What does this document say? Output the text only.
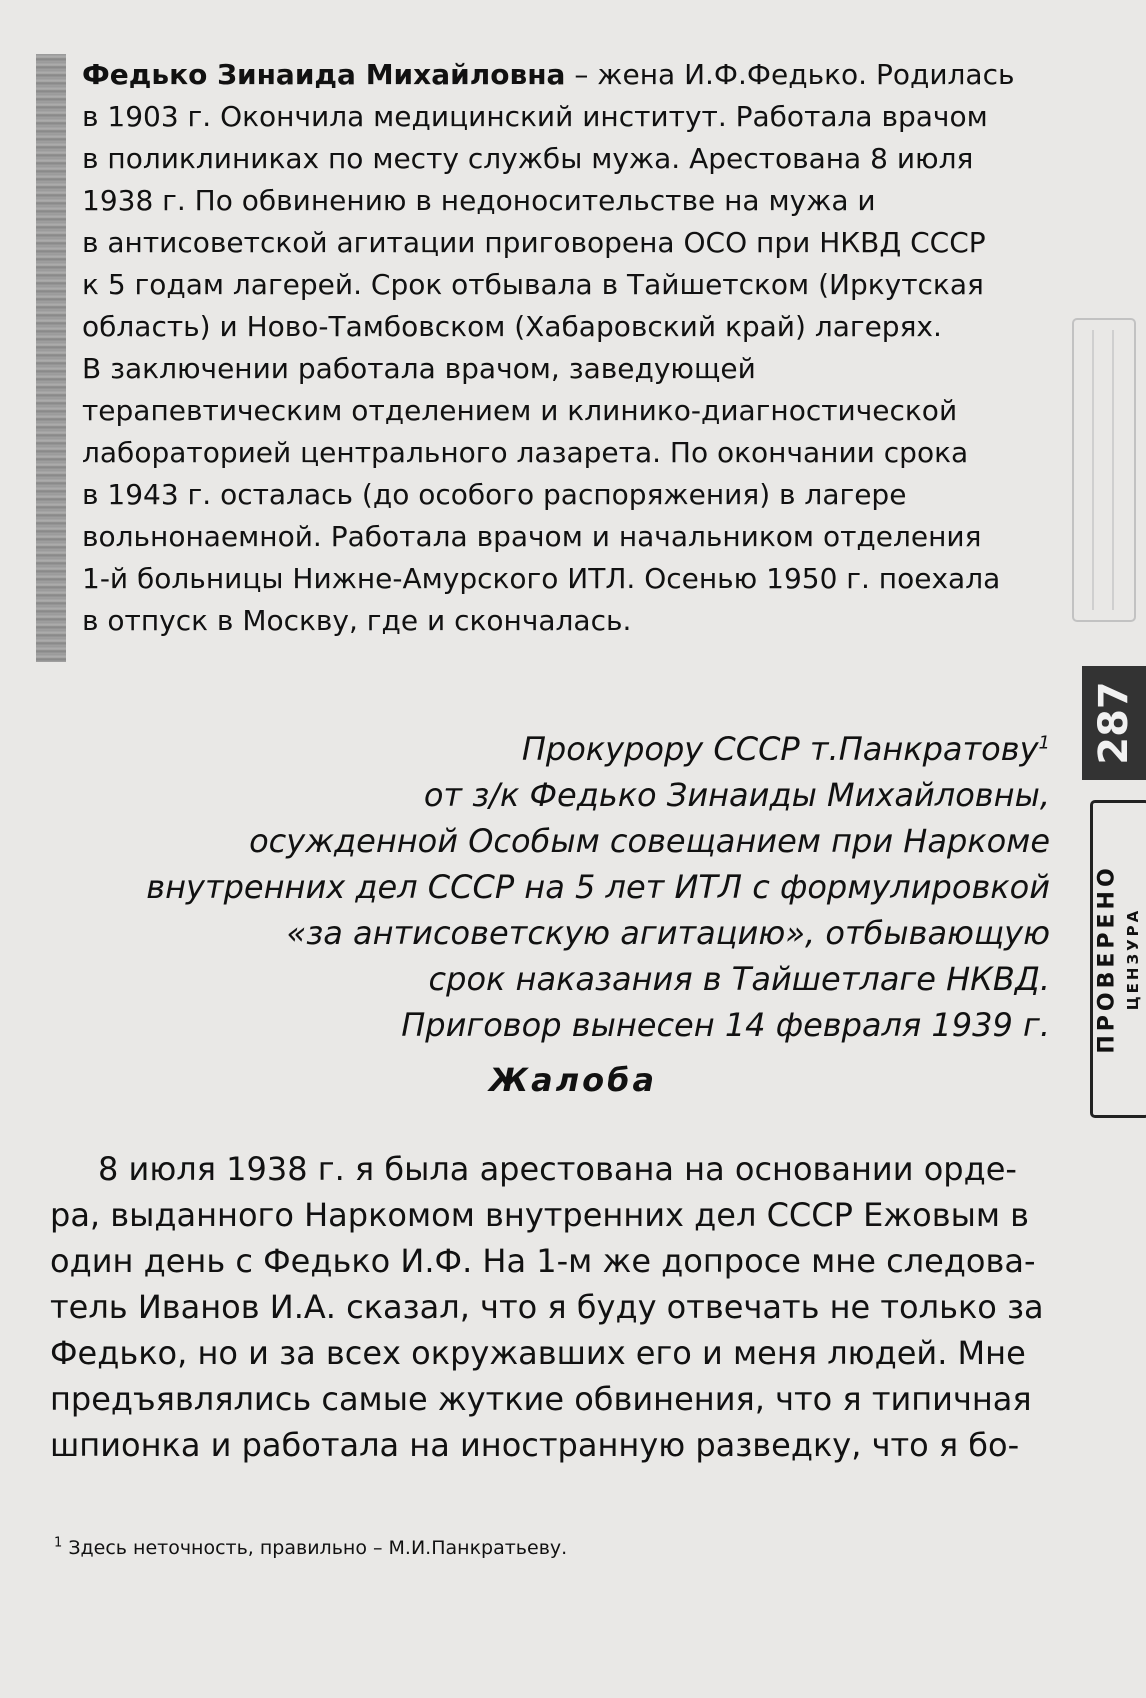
Федько Зинаида Михайловна – жена И.Ф.Федько. Родилась
в 1903 г. Окончила медицинский институт. Работала врачом
в поликлиниках по месту службы мужа. Арестована 8 июля
1938 г. По обвинению в недоносительстве на мужа и
в антисоветской агитации приговорена ОСО при НКВД СССР
к 5 годам лагерей. Срок отбывала в Тайшетском (Иркутская
область) и Ново-Тамбовском (Хабаровский край) лагерях.
В заключении работала врачом, заведующей
терапевтическим отделением и клинико-диагностической
лабораторией центрального лазарета. По окончании срока
в 1943 г. осталась (до особого распоряжения) в лагере
вольнонаемной. Работала врачом и начальником отделения
1-й больницы Нижне-Амурского ИТЛ. Осенью 1950 г. поехала
в отпуск в Москву, где и скончалась.
Прокурору СССР т.Панкратову$^1$
от з/к Федько Зинаиды Михайловны,
осужденной Особым совещанием при Наркоме
внутренних дел СССР на 5 лет ИТЛ с формулировкой
«за антисоветскую агитацию», отбывающую
срок наказания в Тайшетлаге НКВД.
Приговор вынесен 14 февраля 1939 г.
Жалоба
8 июля 1938 г. я была арестована на основании орде-
ра, выданного Наркомом внутренних дел СССР Ежовым в
один день с Федько И.Ф. На 1-м же допросе мне следова-
тель Иванов И.А. сказал, что я буду отвечать не только за
Федько, но и за всех окружавших его и меня людей. Мне
предъявлялись самые жуткие обвинения, что я типичная
шпионка и работала на иностранную разведку, что я бо-
$^1$ Здесь неточность, правильно – М.И.Панкратьеву.
287
ПРОВЕРЕНО ЦЕНЗУРА
